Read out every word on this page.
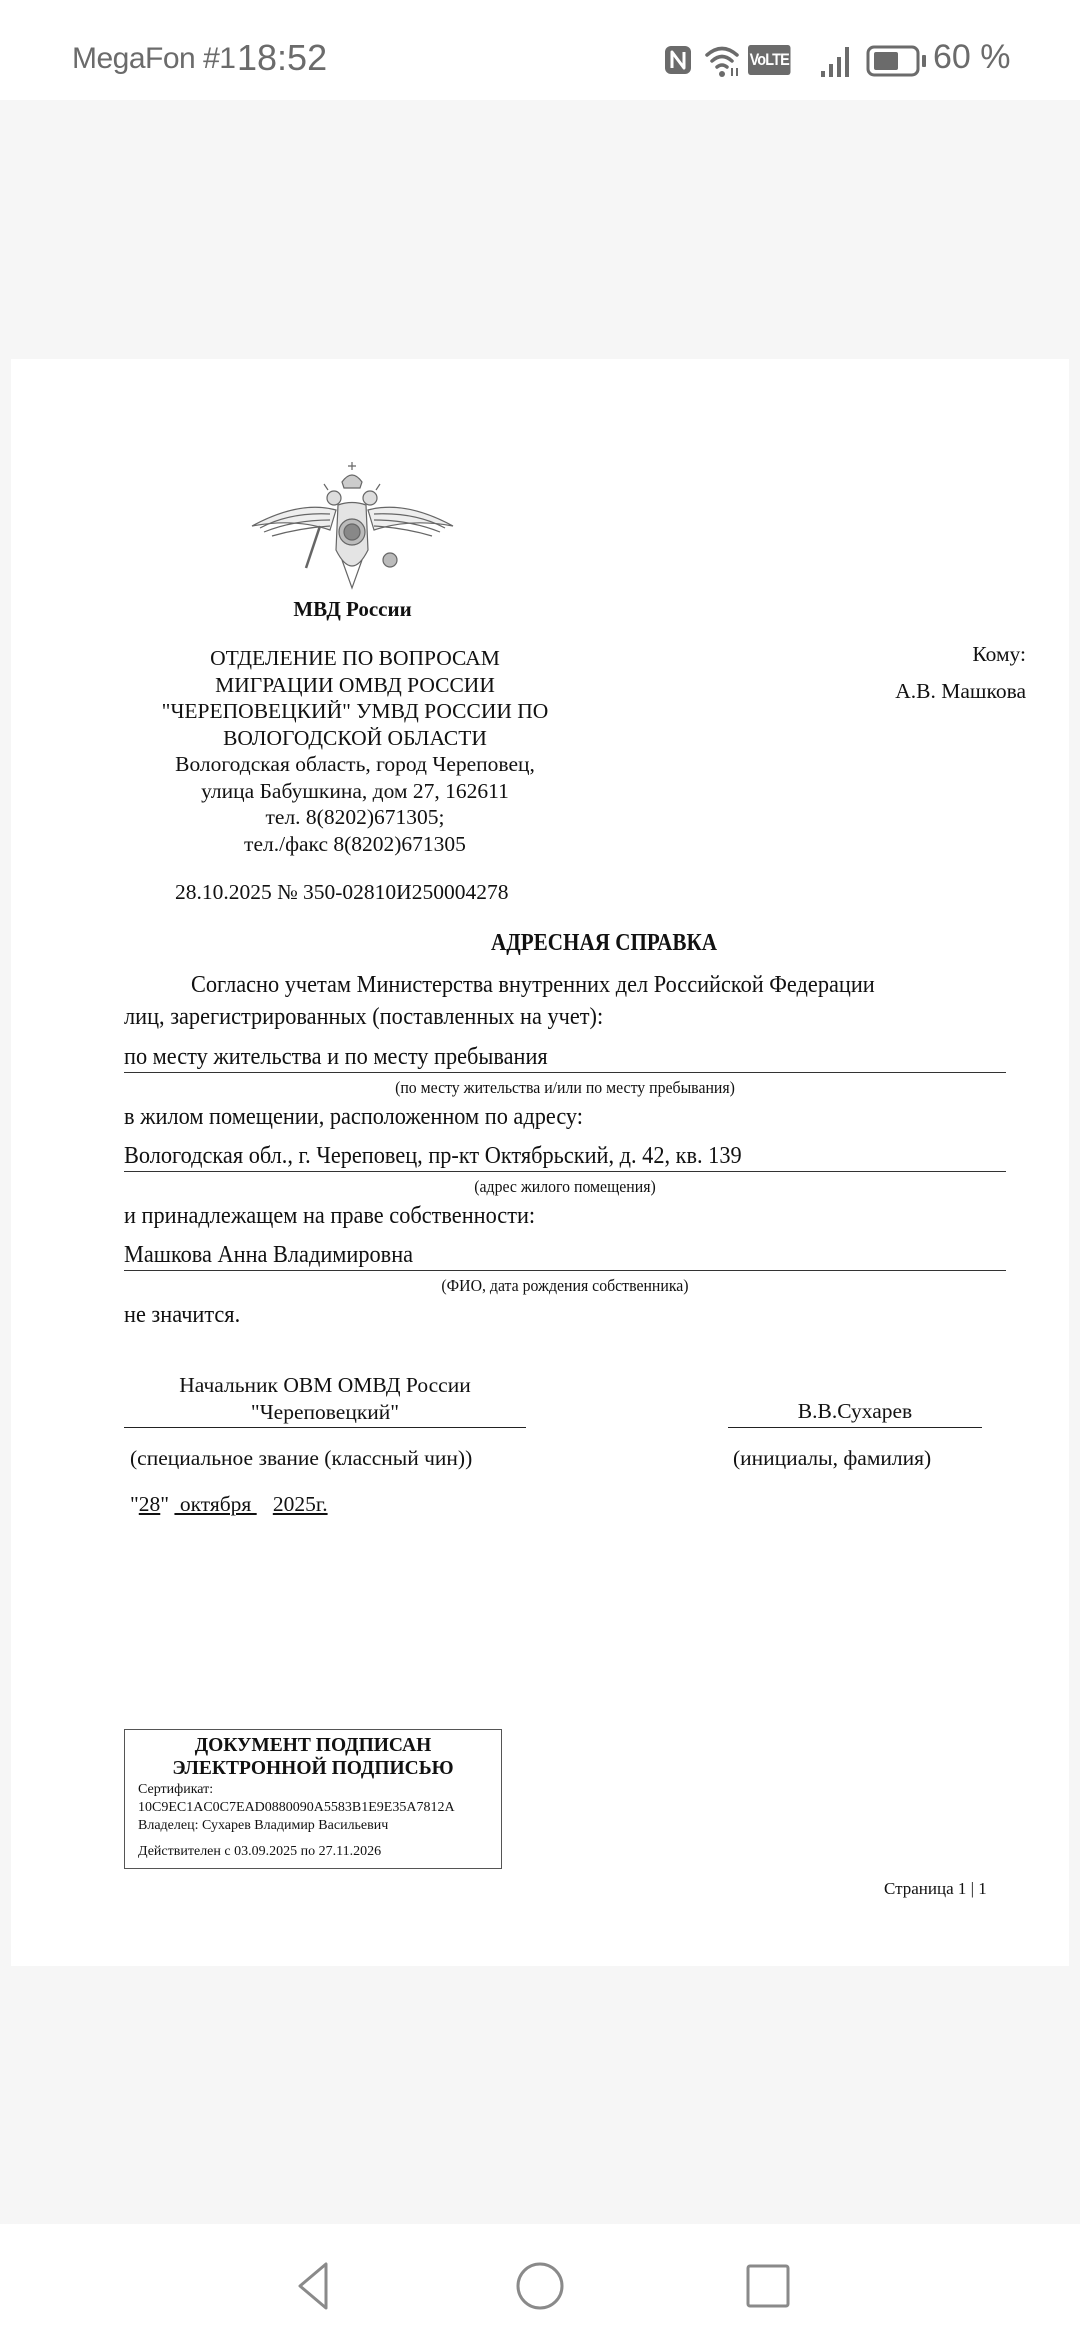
MegaFon #1 18:52	VoLTE	60 %
МВД России
ОТДЕЛЕНИЕ ПО ВОПРОСАМ
МИГРАЦИИ ОМВД РОССИИ
"ЧЕРЕПОВЕЦКИЙ" УМВД РОССИИ ПО
ВОЛОГОДСКОЙ ОБЛАСТИ
Вологодская область, город Череповец,
улица Бабушкина, дом 27, 162611
тел. 8(8202)671305;
тел./факс 8(8202)671305
28.10.2025 № 350-02810И250004278
Кому:
А.В. Машкова
АДРЕСНАЯ СПРАВКА
Согласно учетам Министерства внутренних дел Российской Федерации
лиц, зарегистрированных (поставленных на учет):
по месту жительства и по месту пребывания
(по месту жительства и/или по месту пребывания)
в жилом помещении, расположенном по адресу:
Вологодская обл., г. Череповец, пр-кт Октябрьский, д. 42, кв. 139
(адрес жилого помещения)
и принадлежащем на праве собственности:
Машкова Анна Владимировна
(ФИО, дата рождения собственника)
не значится.
Начальник ОВМ ОМВД России
"Череповецкий"	В.В.Сухарев
(специальное звание (классный чин))	(инициалы, фамилия)
"28"  октября    2025г.
ДОКУМЕНТ ПОДПИСАН
ЭЛЕКТРОННОЙ ПОДПИСЬЮ
Сертификат:
10C9EC1AC0C7EAD0880090A5583B1E9E35A7812A
Владелец: Сухарев Владимир Васильевич
Действителен с 03.09.2025 по 27.11.2026
Страница 1 | 1
